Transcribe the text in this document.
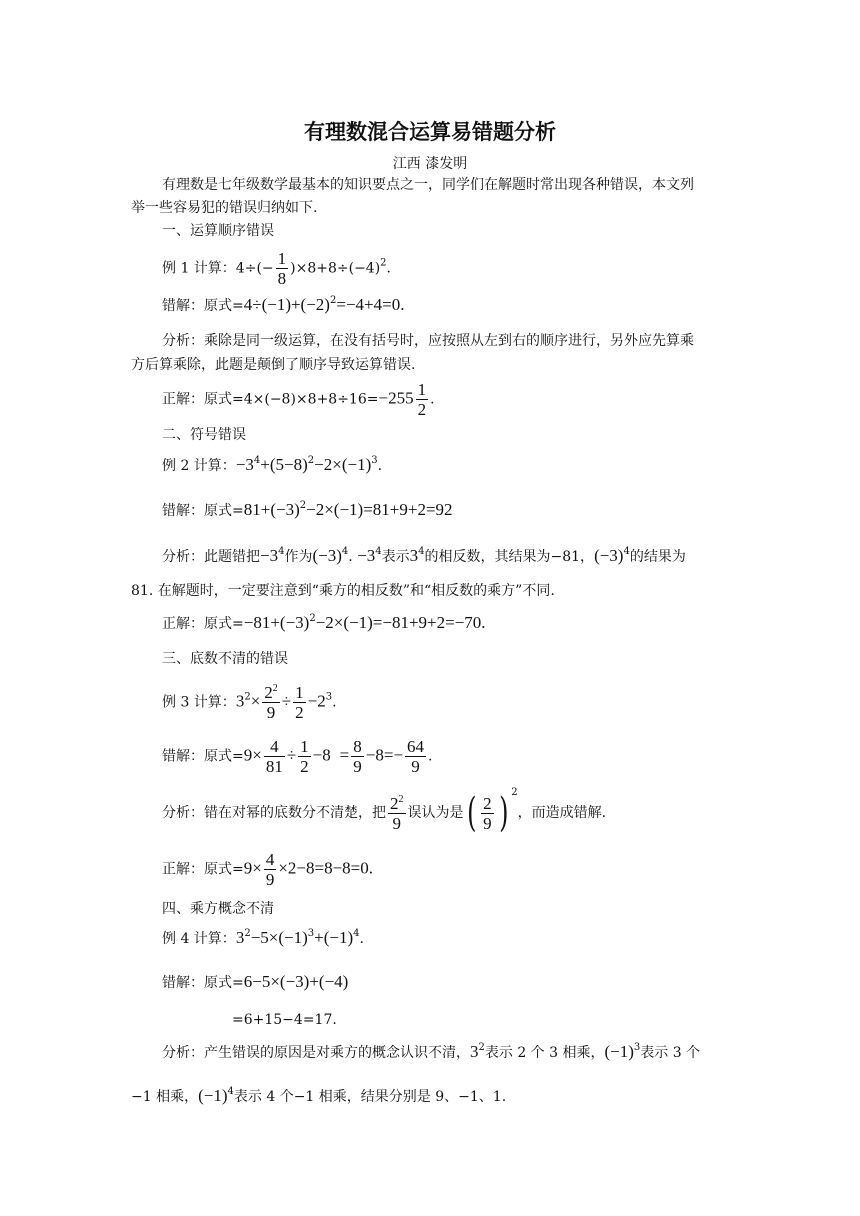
有理数混合运算易错题分析
江西 漆发明
有理数是七年级数学最基本的知识要点之一，同学们在解题时常出现各种错误，本文列
举一些容易犯的错误归纳如下.
一、运算顺序错误
例 1 计算：$4\div(- \frac{1}{8} )\times 8+8\div(-4)^2$.
错解：原式$=4\div(-1)+(-2)^2=-4+4=0$.
分析：乘除是同一级运算，在没有括号时，应按照从左到右的顺序进行，另外应先算乘
方后算乘除，此题是颠倒了顺序导致运算错误.
正解：原式$=4\times(-8)\times 8+8\div 16=-255 \frac{1}{2}$ .
二、符号错误
例 2 计算：$-3^4+(5-8)^2-2\times(-1)^3$.
错解：原式$=81+(-3)^2-2\times(-1)=81+9+2=92$
分析：此题错把$-3^4$作为$(-3)^4$. $-3^4$表示$3^4$的相反数，其结果为−81，$(-3)^4$的结果为
81. 在解题时，一定要注意到“乘方的相反数”和“相反数的乘方”不同.
正解：原式$=-81+(-3)^2-2\times(-1)=-81+9+2=-70$.
三、底数不清的错误
例 3 计算：$3^2\times \frac{2^2}{9} \div \frac{1}{2} -2^3$.
错解：原式$=9\times \frac{4}{81} \div \frac{1}{2} -8 = \frac{8}{9} -8=- \frac{64}{9}$ .
分析：错在对幂的底数分不清楚，把 $\frac{2^2}{9}$ 误认为是( $\frac{2}{9}$ ) $^2$，而造成错解.
正解：原式$=9\times \frac{4}{9} \times 2-8=8-8=0$.
四、乘方概念不清
例 4 计算：$3^2-5\times(-1)^3+(-1)^4$.
错解：原式=6−5×(−3)+(−4)
=6+15−4=17.
分析：产生错误的原因是对乘方的概念认识不清，$3^2$表示 2 个 3 相乘，$(-1)^3$表示 3 个
−1 相乘，$(-1)^4$表示 4 个−1 相乘，结果分别是 9、−1、1.
